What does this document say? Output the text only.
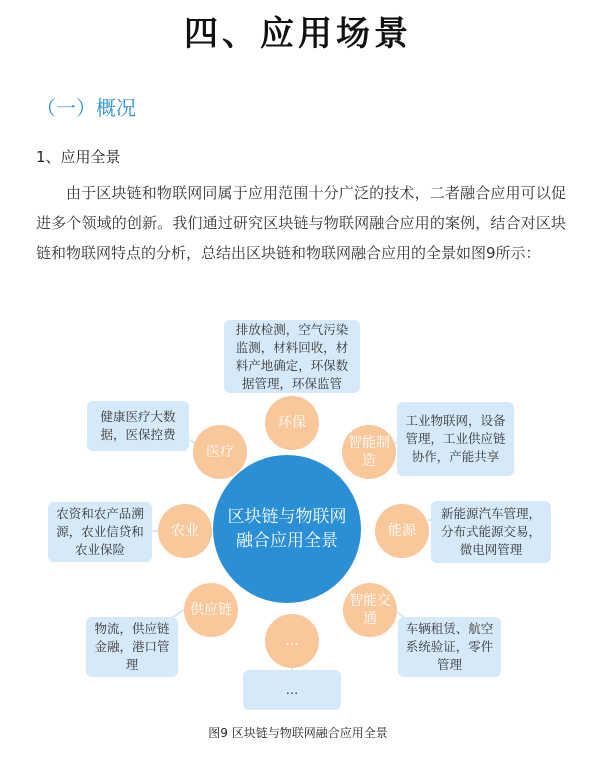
四、应用场景
（一）概况
1、应用全景

由于区块链和物联网同属于应用范围十分广泛的技术，二者融合应用可以促进多个领域的创新。我们通过研究区块链与物联网融合应用的案例，结合对区块链和物联网特点的分析，总结出区块链和物联网融合应用的全景如图9所示：

区块链与物联网融合应用全景
环保
智能制造
能源
智能交通
…
供应链
农业
医疗
排放检测，空气污染监测，材料回收，材料产地确定，环保数据管理，环保监管
工业物联网，设备管理，工业供应链协作，产能共享
新能源汽车管理，分布式能源交易，微电网管理
车辆租赁、航空系统验证，零件管理
…
物流，供应链金融，港口管理
农资和农产品溯源，农业信贷和农业保险
健康医疗大数据，医保控费
图9 区块链与物联网融合应用全景
